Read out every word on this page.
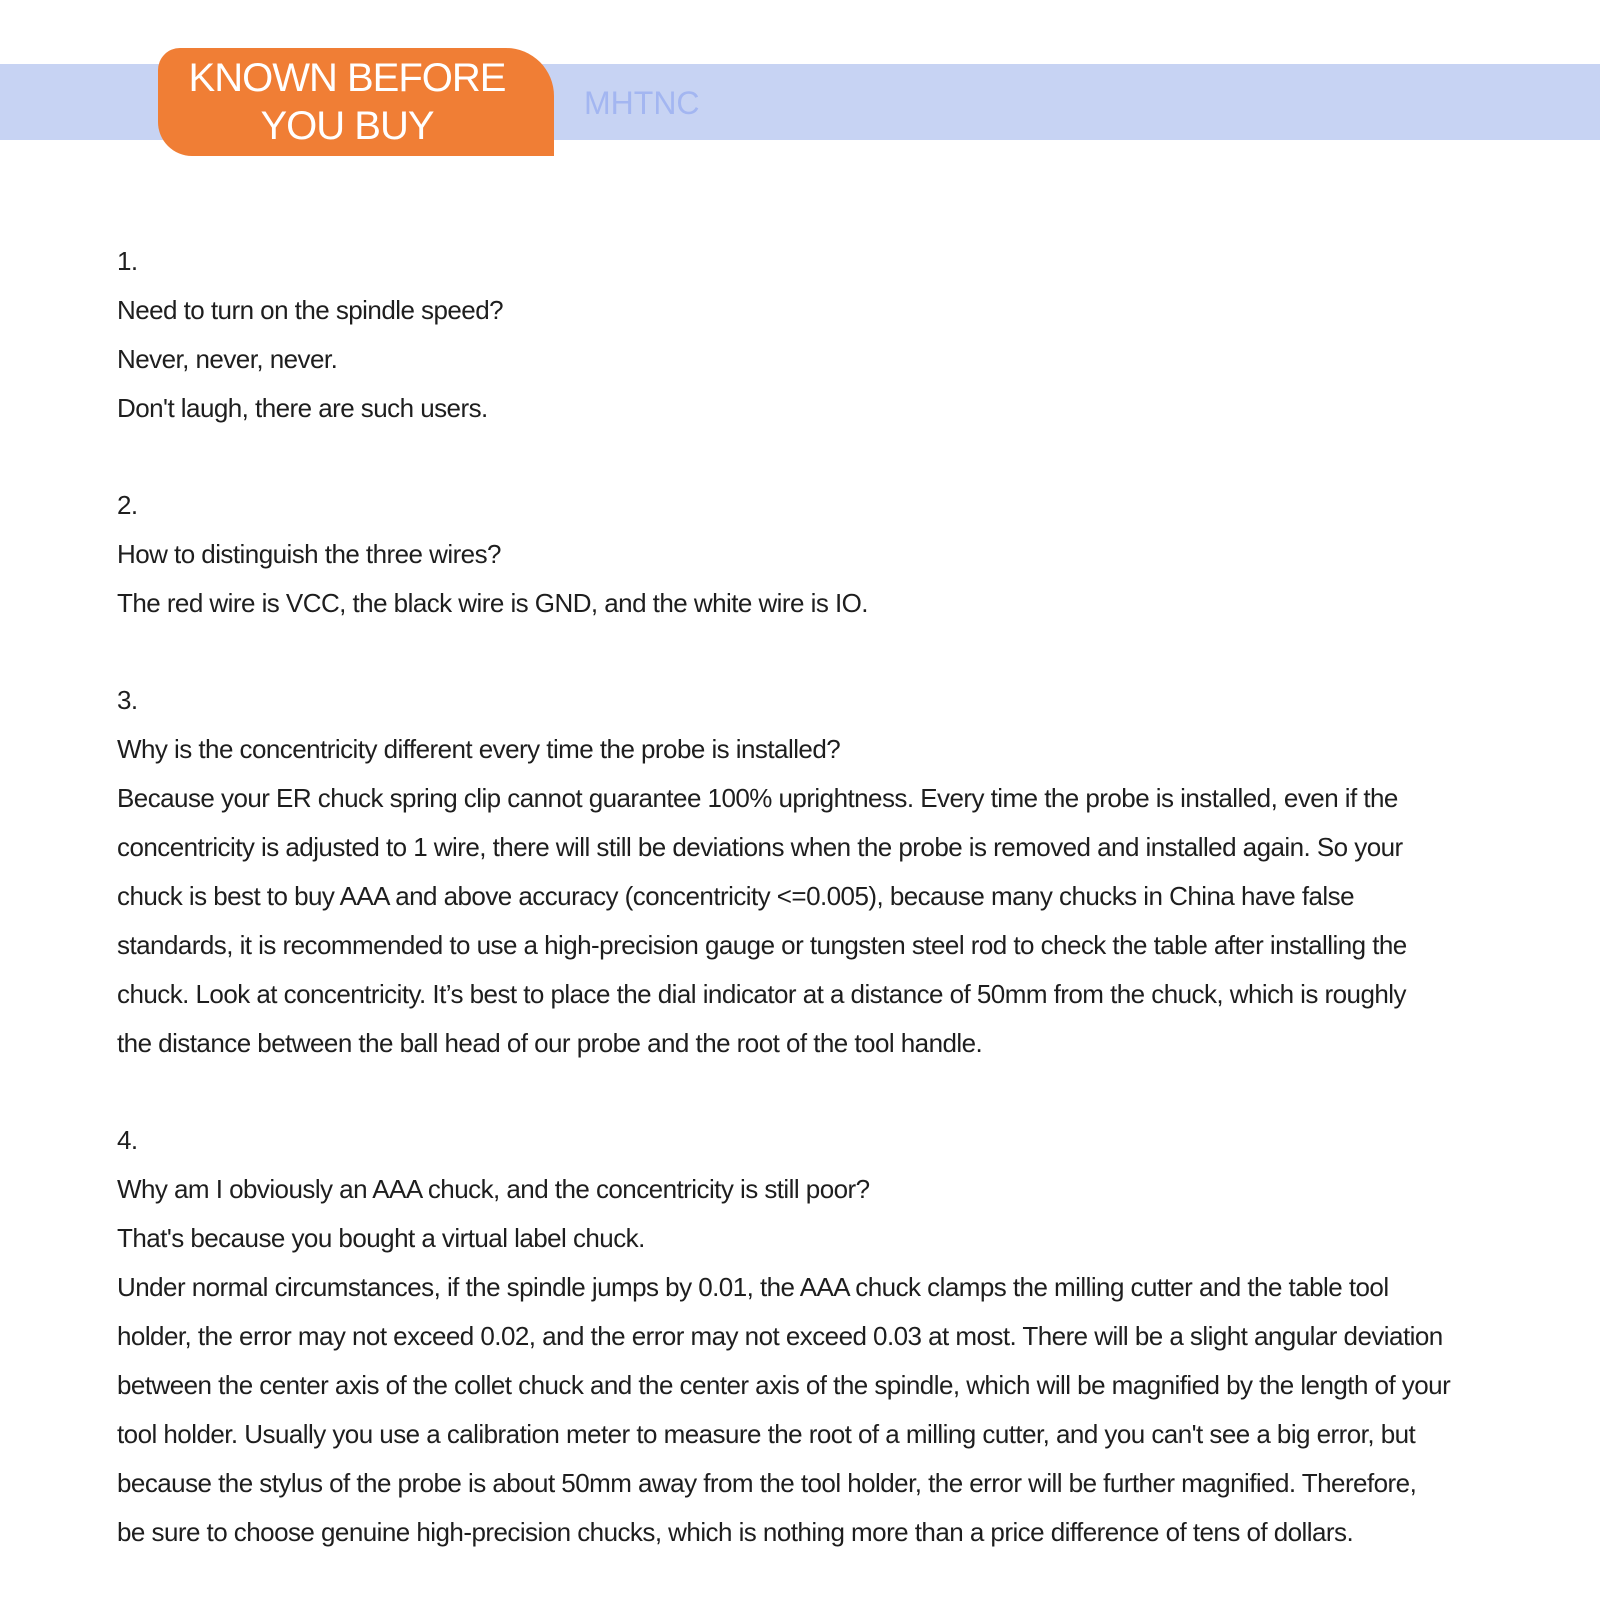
KNOWN BEFORE
YOU BUY
MHTNC
1.
Need to turn on the spindle speed?
Never, never, never.
Don't laugh, there are such users.
2.
How to distinguish the three wires?
The red wire is VCC, the black wire is GND, and the white wire is IO.
3.
Why is the concentricity different every time the probe is installed?
Because your ER chuck spring clip cannot guarantee 100% uprightness. Every time the probe is installed, even if the
concentricity is adjusted to 1 wire, there will still be deviations when the probe is removed and installed again. So your
chuck is best to buy AAA and above accuracy (concentricity <=0.005), because many chucks in China have false
standards, it is recommended to use a high-precision gauge or tungsten steel rod to check the table after installing the
chuck. Look at concentricity. It’s best to place the dial indicator at a distance of 50mm from the chuck, which is roughly
the distance between the ball head of our probe and the root of the tool handle.
4.
Why am I obviously an AAA chuck, and the concentricity is still poor?
That's because you bought a virtual label chuck.
Under normal circumstances, if the spindle jumps by 0.01, the AAA chuck clamps the milling cutter and the table tool
holder, the error may not exceed 0.02, and the error may not exceed 0.03 at most. There will be a slight angular deviation
between the center axis of the collet chuck and the center axis of the spindle, which will be magnified by the length of your
tool holder. Usually you use a calibration meter to measure the root of a milling cutter, and you can't see a big error, but
because the stylus of the probe is about 50mm away from the tool holder, the error will be further magnified. Therefore,
be sure to choose genuine high-precision chucks, which is nothing more than a price difference of tens of dollars.
